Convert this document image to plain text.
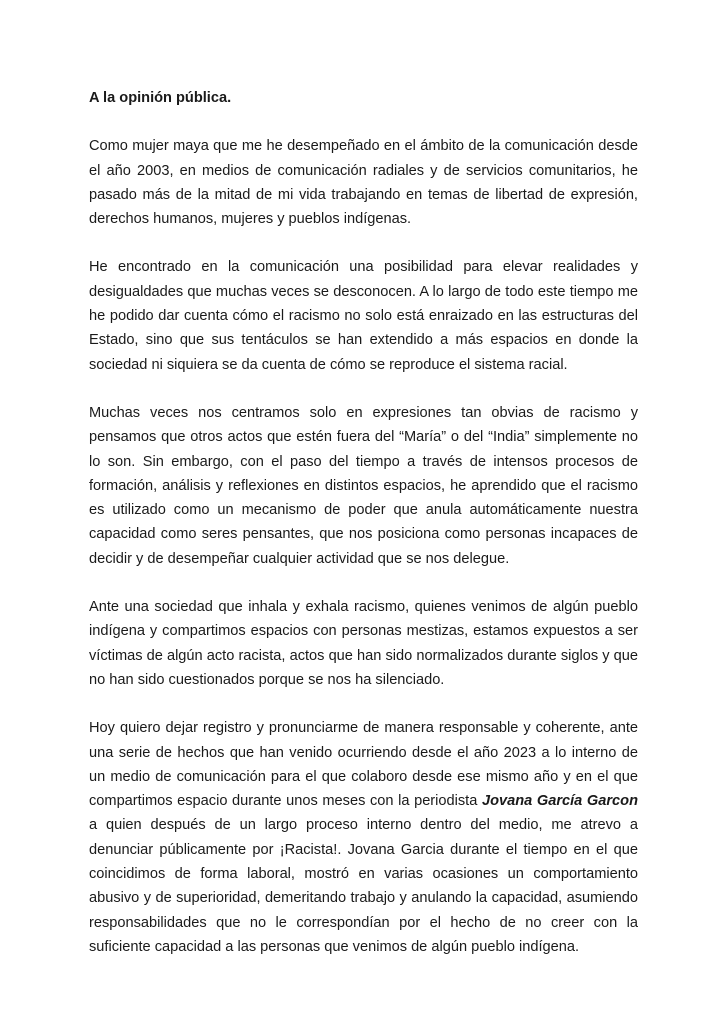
A la opinión pública.

Como mujer maya que me he desempeñado en el ámbito de la comunicación desde el año 2003, en medios de comunicación radiales y de servicios comunitarios, he pasado más de la mitad de mi vida trabajando en temas de libertad de expresión, derechos humanos, mujeres y pueblos indígenas.

He encontrado en la comunicación una posibilidad para elevar realidades y desigualdades que muchas veces se desconocen. A lo largo de todo este tiempo me he podido dar cuenta cómo el racismo no solo está enraizado en las estructuras del Estado, sino que sus tentáculos se han extendido a más espacios en donde la sociedad ni siquiera se da cuenta de cómo se reproduce el sistema racial.

Muchas veces nos centramos solo en expresiones tan obvias de racismo y pensamos que otros actos que estén fuera del “María” o del “India” simplemente no lo son. Sin embargo, con el paso del tiempo a través de intensos procesos de formación, análisis y reflexiones en distintos espacios, he aprendido que el racismo es utilizado como un mecanismo de poder que anula automáticamente nuestra capacidad como seres pensantes, que nos posiciona como personas incapaces de decidir y de desempeñar cualquier actividad que se nos delegue.

Ante una sociedad que inhala y exhala racismo, quienes venimos de algún pueblo indígena y compartimos espacios con personas mestizas, estamos expuestos a ser víctimas de algún acto racista, actos que han sido normalizados durante siglos y que no han sido cuestionados porque se nos ha silenciado.

Hoy quiero dejar registro y pronunciarme de manera responsable y coherente, ante una serie de hechos que han venido ocurriendo desde el año 2023 a lo interno de un medio de comunicación para el que colaboro desde ese mismo año y en el que compartimos espacio durante unos meses con la periodista Jovana García Garcon a quien después de un largo proceso interno dentro del medio, me atrevo a denunciar públicamente por ¡Racista!. Jovana Garcia durante el tiempo en el que coincidimos de forma laboral, mostró en varias ocasiones un comportamiento abusivo y de superioridad, demeritando trabajo y anulando la capacidad, asumiendo responsabilidades que no le correspondían por el hecho de no creer con la suficiente capacidad a las personas que venimos de algún pueblo indígena.
